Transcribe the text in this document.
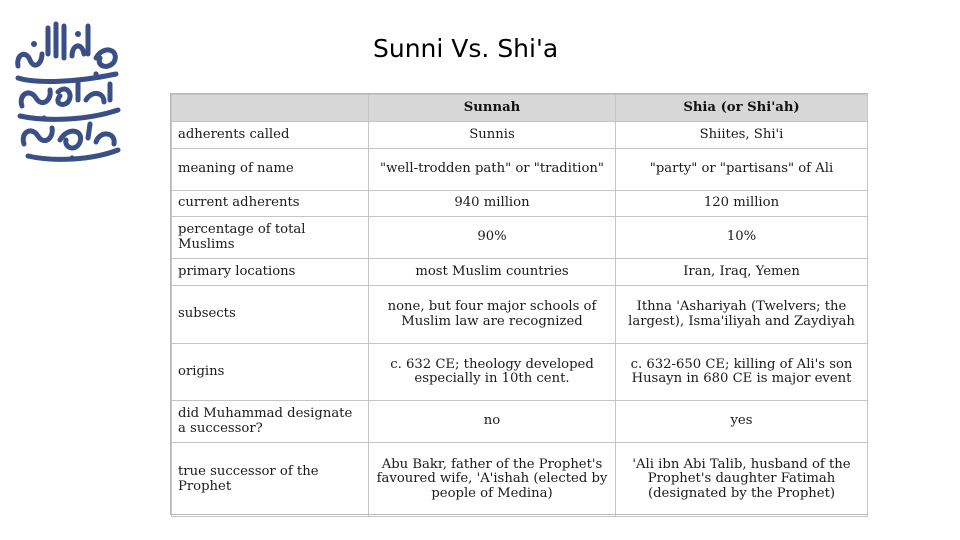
Sunni Vs. Shi'a
	Sunnah	Shia (or Shi'ah)
adherents called	Sunnis	Shiites, Shi'i
meaning of name	"well-trodden path" or "tradition"	"party" or "partisans" of Ali
current adherents	940 million	120 million
percentage of total Muslims	90%	10%
primary locations	most Muslim countries	Iran, Iraq, Yemen
subsects	none, but four major schools of Muslim law are recognized	Ithna 'Ashariyah (Twelvers; the largest), Isma'iliyah and Zaydiyah
origins	c. 632 CE; theology developed especially in 10th cent.	c. 632-650 CE; killing of Ali's son Husayn in 680 CE is major event
did Muhammad designate a successor?	no	yes
true successor of the Prophet	Abu Bakr, father of the Prophet's favoured wife, 'A'ishah (elected by people of Medina)	'Ali ibn Abi Talib, husband of the Prophet's daughter Fatimah (designated by the Prophet)
